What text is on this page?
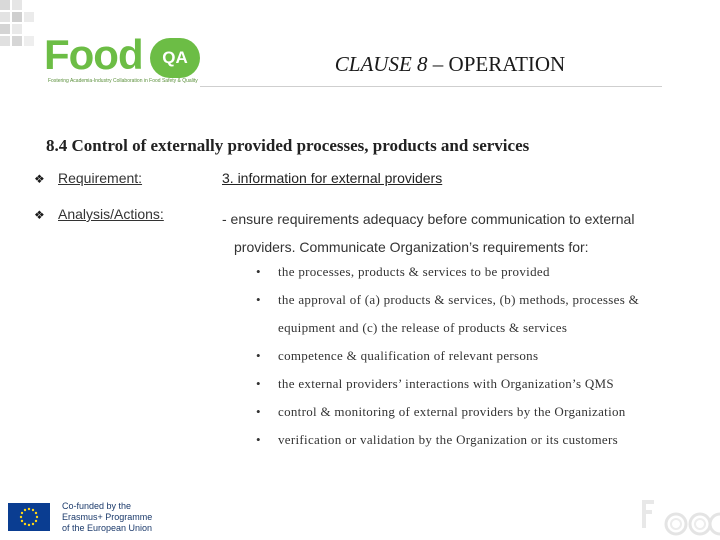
Food	QA
Fostering Academia-Industry Collaboration in Food Safety & Quality
CLAUSE 8 – OPERATION
8.4 Control of externally provided processes, products and services
❖ Requirement:	3. information for external providers
❖ Analysis/Actions:	- ensure requirements adequacy before communication to external
providers. Communicate Organization’s requirements for:
• the processes, products & services to be provided
• the approval of (a) products & services, (b) methods, processes & equipment and (c) the release of products & services
• competence & qualification of relevant persons
• the external providers’ interactions with Organization’s QMS
• control & monitoring of external providers by the Organization
• verification or validation by the Organization or its customers
Co-funded by the
Erasmus+ Programme
of the European Union
